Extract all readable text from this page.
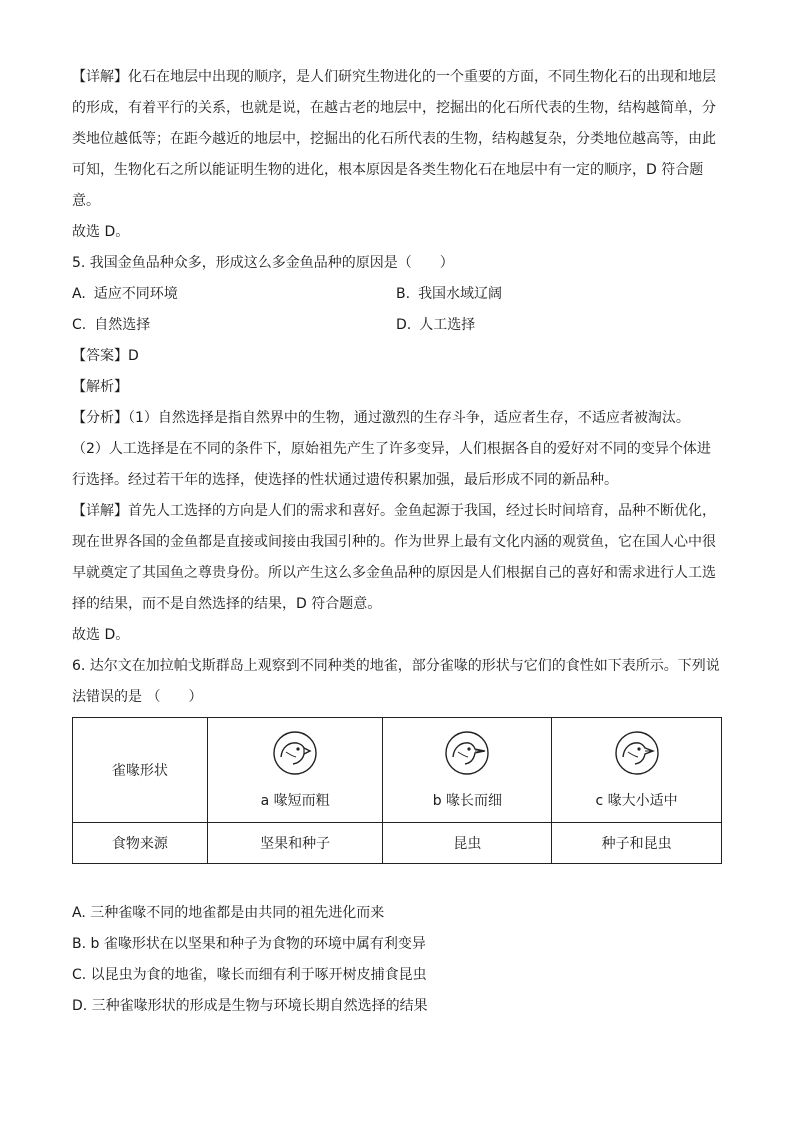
【详解】化石在地层中出现的顺序，是人们研究生物进化的一个重要的方面，不同生物化石的出现和地层

的形成，有着平行的关系，也就是说，在越古老的地层中，挖掘出的化石所代表的生物，结构越简单，分

类地位越低等；在距今越近的地层中，挖掘出的化石所代表的生物，结构越复杂，分类地位越高等，由此

可知，生物化石之所以能证明生物的进化，根本原因是各类生物化石在地层中有一定的顺序，D 符合题

意。

故选 D。

5. 我国金鱼品种众多，形成这么多金鱼品种的原因是（　　）

A. 适应不同环境	B. 我国水域辽阔
C. 自然选择	D. 人工选择

【答案】D

【解析】

【分析】（1）自然选择是指自然界中的生物，通过激烈的生存斗争，适应者生存，不适应者被淘汰。

（2）人工选择是在不同的条件下，原始祖先产生了许多变异，人们根据各自的爱好对不同的变异个体进

行选择。经过若干年的选择，使选择的性状通过遗传积累加强，最后形成不同的新品种。

【详解】首先人工选择的方向是人们的需求和喜好。金鱼起源于我国，经过长时间培育，品种不断优化，

现在世界各国的金鱼都是直接或间接由我国引种的。作为世界上最有文化内涵的观赏鱼，它在国人心中很

早就奠定了其国鱼之尊贵身份。所以产生这么多金鱼品种的原因是人们根据自己的喜好和需求进行人工选

择的结果，而不是自然选择的结果，D 符合题意。

故选 D。

6. 达尔文在加拉帕戈斯群岛上观察到不同种类的地雀，部分雀喙的形状与它们的食性如下表所示。下列说

法错误的是 （　　）

雀喙形状	a 喙短而粗	b 喙长而细	c 喙大小适中

食物来源	坚果和种子	昆虫	种子和昆虫
A. 三种雀喙不同的地雀都是由共同的祖先进化而来
B. b 雀喙形状在以坚果和种子为食物的环境中属有利变异
C. 以昆虫为食的地雀，喙长而细有利于啄开树皮捕食昆虫
D. 三种雀喙形状的形成是生物与环境长期自然选择的结果
